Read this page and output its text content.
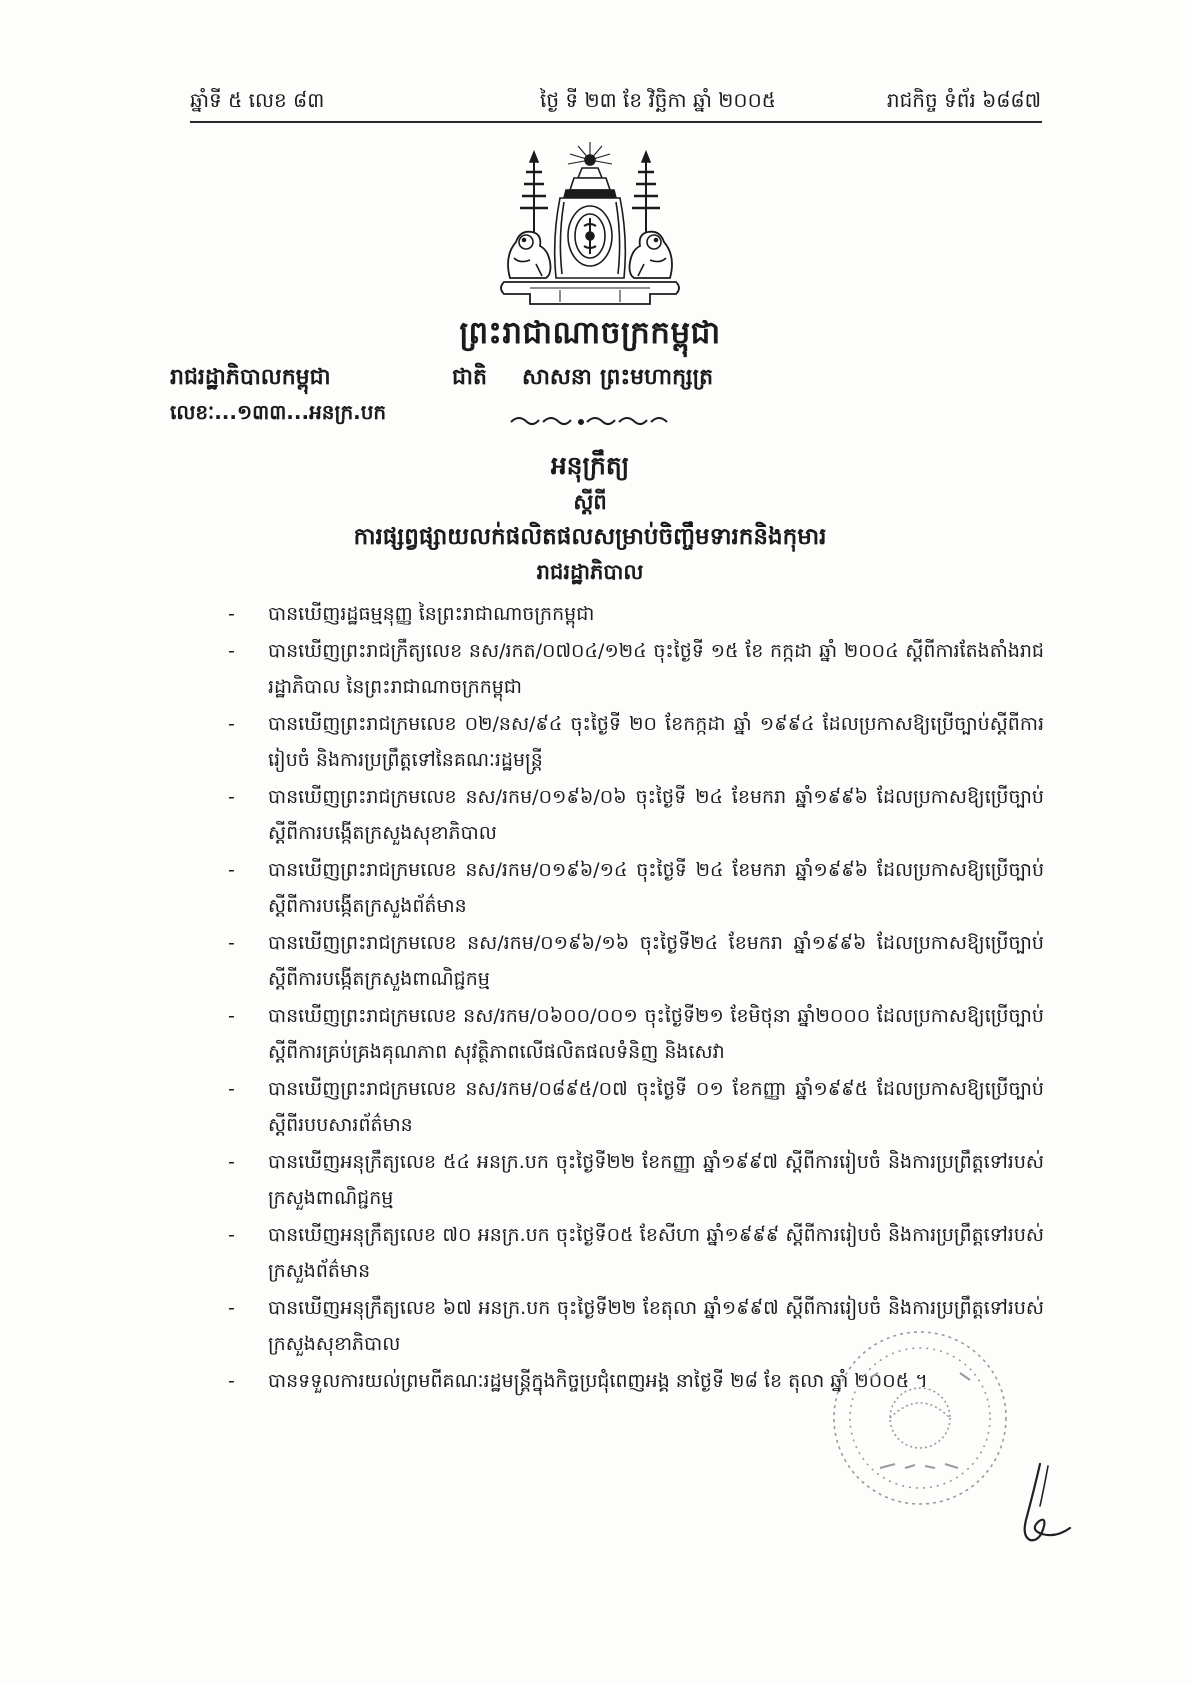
ឆ្នាំទី ៥ លេខ ៨៣	ថ្ងៃ ទី ២៣ ខែ វិច្ឆិកា ឆ្នាំ ២០០៥	រាជកិច្ច ទំព័រ ៦៨៨៧
ព្រះរាជាណាចក្រកម្ពុជា
រាជរដ្ឋាភិបាលកម្ពុជា	ជាតិ សាសនា ព្រះមហាក្សត្រ
លេខៈ...១៣៣...អនក្រ.បក
អនុក្រឹត្យ
ស្តីពី
ការផ្សព្វផ្សាយលក់ផលិតផលសម្រាប់ចិញ្ចឹមទារកនិងកុមារ
រាជរដ្ឋាភិបាល
-	បានឃើញរដ្ឋធម្មនុញ្ញ នៃព្រះរាជាណាចក្រកម្ពុជា
-	បានឃើញព្រះរាជក្រឹត្យលេខ នស/រកត/០៧០៤/១២៤ ចុះថ្ងៃទី ១៥ ខែ កក្កដា ឆ្នាំ ២០០៤ ស្តីពីការតែងតាំងរាជរដ្ឋាភិបាល នៃព្រះរាជាណាចក្រកម្ពុជា
-	បានឃើញព្រះរាជក្រមលេខ ០២/នស/៩៤ ចុះថ្ងៃទី ២០ ខែកក្កដា ឆ្នាំ ១៩៩៤ ដែលប្រកាសឱ្យប្រើច្បាប់ស្តីពីការរៀបចំ និងការប្រព្រឹត្តទៅនៃគណៈរដ្ឋមន្ត្រី
-	បានឃើញព្រះរាជក្រមលេខ នស/រកម/០១៩៦/០៦ ចុះថ្ងៃទី ២៤ ខែមករា ឆ្នាំ១៩៩៦ ដែលប្រកាសឱ្យប្រើច្បាប់ស្តីពីការបង្កើតក្រសួងសុខាភិបាល
-	បានឃើញព្រះរាជក្រមលេខ នស/រកម/០១៩៦/១៤ ចុះថ្ងៃទី ២៤ ខែមករា ឆ្នាំ១៩៩៦ ដែលប្រកាសឱ្យប្រើច្បាប់ស្តីពីការបង្កើតក្រសួងព័ត៌មាន
-	បានឃើញព្រះរាជក្រមលេខ នស/រកម/០១៩៦/១៦ ចុះថ្ងៃទី២៤ ខែមករា ឆ្នាំ១៩៩៦ ដែលប្រកាសឱ្យប្រើច្បាប់ស្តីពីការបង្កើតក្រសួងពាណិជ្ជកម្ម
-	បានឃើញព្រះរាជក្រមលេខ នស/រកម/០៦០០/០០១ ចុះថ្ងៃទី២១ ខែមិថុនា ឆ្នាំ២០០០ ដែលប្រកាសឱ្យប្រើច្បាប់ស្តីពីការគ្រប់គ្រងគុណភាព សុវត្ថិភាពលើផលិតផលទំនិញ និងសេវា
-	បានឃើញព្រះរាជក្រមលេខ នស/រកម/០៨៩៥/០៧ ចុះថ្ងៃទី ០១ ខែកញ្ញា ឆ្នាំ១៩៩៥ ដែលប្រកាសឱ្យប្រើច្បាប់ ស្តីពីរបបសារព័ត៌មាន
-	បានឃើញអនុក្រឹត្យលេខ ៥៤ អនក្រ.បក ចុះថ្ងៃទី២២ ខែកញ្ញា ឆ្នាំ១៩៩៧ ស្តីពីការរៀបចំ និងការប្រព្រឹត្តទៅរបស់ក្រសួងពាណិជ្ជកម្ម
-	បានឃើញអនុក្រឹត្យលេខ ៧០ អនក្រ.បក ចុះថ្ងៃទី០៥ ខែសីហា ឆ្នាំ១៩៩៩ ស្តីពីការរៀបចំ និងការប្រព្រឹត្តទៅរបស់ក្រសួងព័ត៌មាន
-	បានឃើញអនុក្រឹត្យលេខ ៦៧ អនក្រ.បក ចុះថ្ងៃទី២២ ខែតុលា ឆ្នាំ១៩៩៧ ស្តីពីការរៀបចំ និងការប្រព្រឹត្តទៅរបស់ក្រសួងសុខាភិបាល
-	បានទទួលការយល់ព្រមពីគណៈរដ្ឋមន្ត្រីក្នុងកិច្ចប្រជុំពេញអង្គ នាថ្ងៃទី ២៨ ខែ តុលា ឆ្នាំ ២០០៥ ។
